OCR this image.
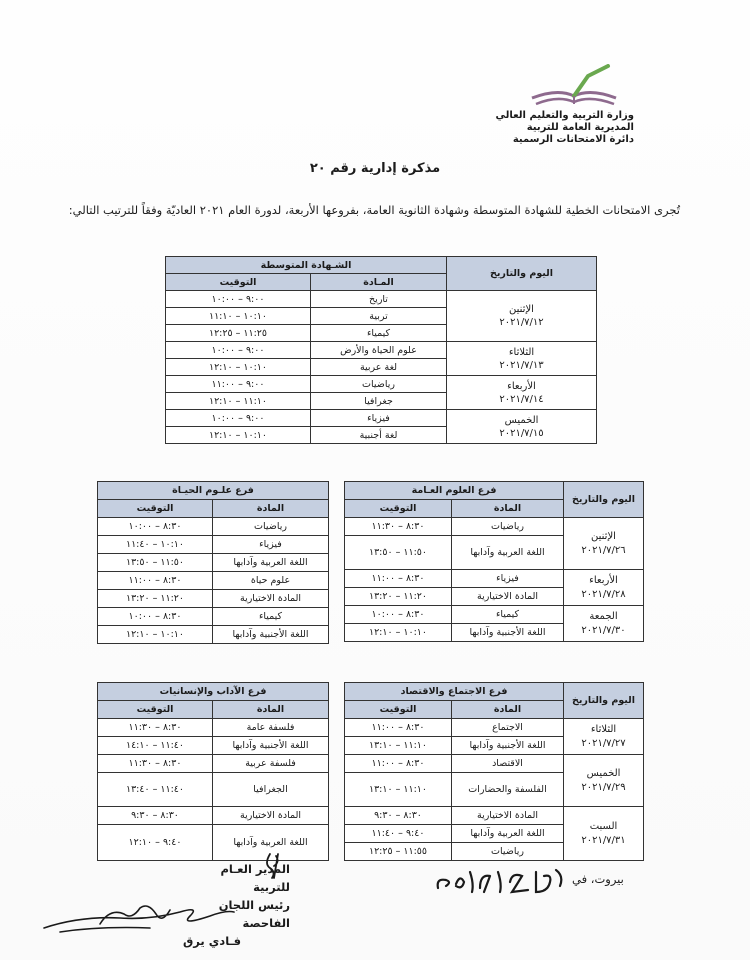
وزارة التربية والتعليم العالي
المديرية العامة للتربية
دائرة الامتحانات الرسمية
مذكرة إدارية رقم ٢٠
تُجرى الامتحانات الخطية للشهادة المتوسطة وشهادة الثانوية العامة، بفروعها الأربعة، لدورة العام ٢٠٢١ العاديّة وفقاً للترتيب التالي:
اليوم والتاريخ	الشـهادة المتوسطة	
	المـادة	التوقيت

الإثنين
٢٠٢١/٧/١٢	تاريخ	٩:٠٠ – ١٠:٠٠
	تربية	١٠:١٠ – ١١:١٠
	كيمياء	١١:٢٥ – ١٢:٢٥

الثلاثاء
٢٠٢١/٧/١٣	علوم الحياة والأرض	٩:٠٠ – ١٠:٠٠
	لغة عربية	١٠:١٠ – ١٢:١٠

الأربعاء
٢٠٢١/٧/١٤	رياضيات	٩:٠٠ – ١١:٠٠
	جغرافيا	١١:١٠ – ١٢:١٠

الخميس
٢٠٢١/٧/١٥	فيزياء	٩:٠٠ – ١٠:٠٠
	لغة أجنبية	١٠:١٠ – ١٢:١٠
اليوم والتاريخ	فرع العلوم العـامة	
	المادة	التوقيت

الإثنين
٢٠٢١/٧/٢٦	رياضيات	٨:٣٠ – ١١:٣٠
	اللغة العربية وآدابها	١١:٥٠ – ١٣:٥٠

الأربعاء
٢٠٢١/٧/٢٨	فيزياء	٨:٣٠ – ١١:٠٠
	المادة الاختيارية	١١:٢٠ – ١٣:٢٠

الجمعة
٢٠٢١/٧/٣٠	كيمياء	٨:٣٠ – ١٠:٠٠
	اللغة الأجنبية وآدابها	١٠:١٠ – ١٢:١٠
فرع علـوم الحيـاة	
المادة	التوقيت
رياضيات	٨:٣٠ – ١٠:٠٠
فيزياء	١٠:١٠ – ١١:٤٠
اللغة العربية وآدابها	١١:٥٠ – ١٣:٥٠
علوم حياة	٨:٣٠ – ١١:٠٠
المادة الاختيارية	١١:٢٠ – ١٣:٢٠
كيمياء	٨:٣٠ – ١٠:٠٠
اللغة الأجنبية وآدابها	١٠:١٠ – ١٢:١٠
اليوم والتاريخ	فرع الاجتماع والاقتصاد	
	المادة	التوقيت

الثلاثاء
٢٠٢١/٧/٢٧	الاجتماع	٨:٣٠ – ١١:٠٠
	اللغة الأجنبية وآدابها	١١:١٠ – ١٣:١٠

الخميس
٢٠٢١/٧/٢٩	الاقتصاد	٨:٣٠ – ١١:٠٠
	الفلسفة والحضارات	١١:١٠ – ١٣:١٠

السبت
٢٠٢١/٧/٣١	المادة الاختيارية	٨:٣٠ – ٩:٣٠
	اللغة العربية وآدابها	٩:٤٠ – ١١:٤٠
	رياضيات	١١:٥٥ – ١٢:٢٥
فرع الآداب والإنسانيات	
المادة	التوقيت
فلسفة عامة	٨:٣٠ – ١١:٣٠
اللغة الأجنبية وآدابها	١١:٤٠ – ١٤:١٠
فلسفة عربية	٨:٣٠ – ١١:٣٠
الجغرافيا	١١:٤٠ – ١٣:٤٠
المادة الاختيارية	٨:٣٠ – ٩:٣٠
اللغة العربية وآدابها	٩:٤٠ – ١٢:١٠
بيروت، في
المدير العـام للتربية
رئيس اللجان الفاحصة
فـادي يرق
